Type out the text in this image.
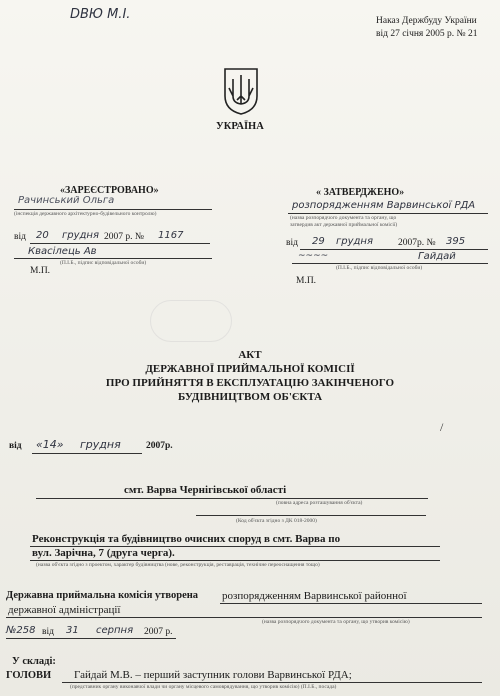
DBЮ М.І.	Наказ Держбуду України
від 27 січня 2005 р. № 21
УКРАЇНА
«ЗАРЕЄСТРОВАНО»
Рачинський Ольга
(інспекція державного архітектурно-будівельного контролю)
від 20 грудня 2007 р. № 1167
Квасілець Ав
(П.І.Б., підпис відповідальної особи)
М.П.
« ЗАТВЕРДЖЕНО»
розпорядженням Варвинської РДА
(назва розпорядчого документа та органу, що
затвердив акт державної приймальної комісії)
від 29 грудня	2007р. № 395
~~~~	Гайдай
(П.І.Б., підпис відповідальної особи)
М.П.
АКТ
ДЕРЖАВНОЇ ПРИЙМАЛЬНОЇ КОМІСІЇ
ПРО ПРИЙНЯТТЯ В ЕКСПЛУАТАЦІЮ ЗАКІНЧЕНОГО
БУДІВНИЦТВОМ ОБ'ЄКТА
від «14» грудня	2007р.
смт. Варва Чернігівської області
(повна адреса розташування об'єкта)
(Код об'єкта згідно з ДК 018-2000)
Реконструкція та будівництво очисних споруд в смт. Варва по
вул. Зарічна, 7 (друга черга).
(назва об'єкта згідно з проектом, характер будівництва (нове, реконструкція, реставрація, технічне переоснащення тощо)
Державна приймальна комісія утворена розпорядженням Варвинської районної
державної адміністрації
(назва розпорядчого документа та органу, що утворив комісію)
№258 від 31 серпня 2007 р.
У складі:
ГОЛОВИ Гайдай М.В. – перший заступник голови Варвинської РДА;
(представник органу виконавчої влади чи органу місцевого самоврядування, що утворив комісію) (П.І.Б., посада)
/
